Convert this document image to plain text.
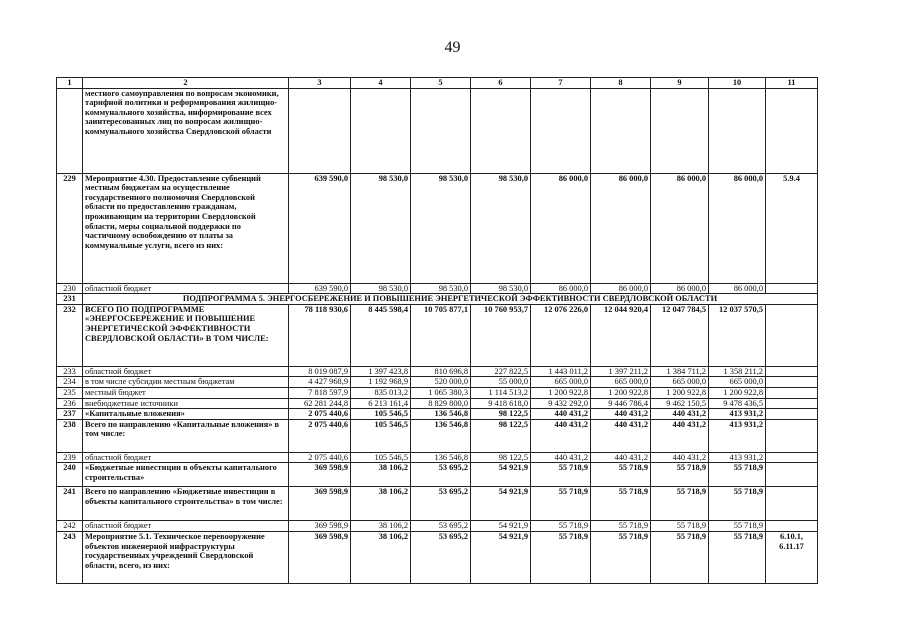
49
1	2	3	4	5	6	7	8	9	10	11
	местного самоуправления по вопросам экономики, тарифной политики и реформирования жилищно-коммунального хозяйства, информирование всех заинтересованных лиц по вопросам жилищно-коммунального хозяйства Свердловской области									
229	Мероприятие 4.30. Предоставление субвенций местным бюджетам на осуществление государственного полномочия Свердловской области по предоставлению гражданам, проживающим на территории Свердловской области, меры социальной поддержки по частичному освобождению от платы за коммунальные услуги, всего из них:	639 590,0	98 530,0	98 530,0	98 530,0	86 000,0	86 000,0	86 000,0	86 000,0	5.9.4
230	областной бюджет	639 590,0	98 530,0	98 530,0	98 530,0	86 000,0	86 000,0	86 000,0	86 000,0	
231	ПОДПРОГРАММА 5. ЭНЕРГОСБЕРЕЖЕНИЕ И ПОВЫШЕНИЕ ЭНЕРГЕТИЧЕСКОЙ ЭФФЕКТИВНОСТИ СВЕРДЛОВСКОЙ ОБЛАСТИ									
232	ВСЕГО ПО ПОДПРОГРАММЕ «ЭНЕРГОСБЕРЕЖЕНИЕ И ПОВЫШЕНИЕ ЭНЕРГЕТИЧЕСКОЙ ЭФФЕКТИВНОСТИ СВЕРДЛОВСКОЙ ОБЛАСТИ» В ТОМ ЧИСЛЕ:	78 118 930,6	8 445 598,4	10 705 877,1	10 760 953,7	12 076 226,0	12 044 920,4	12 047 784,5	12 037 570,5	
233	областной бюджет	8 019 087,9	1 397 423,8	810 696,8	227 822,5	1 443 011,2	1 397 211,2	1 384 711,2	1 358 211,2	
234	в том числе субсидии местным бюджетам	4 427 968,9	1 192 968,9	520 000,0	55 000,0	665 000,0	665 000,0	665 000,0	665 000,0	
235	местный бюджет	7 818 597,9	835 013,2	1 065 380,3	1 114 513,2	1 200 922,8	1 200 922,8	1 200 922,8	1 200 922,8	
236	внебюджетные источники	62 281 244,8	6 213 161,4	8 829 800,0	9 418 618,0	9 432 292,0	9 446 786,4	9 462 150,5	9 478 436,5	
237	«Капитальные вложения»	2 075 440,6	105 546,5	136 546,8	98 122,5	440 431,2	440 431,2	440 431,2	413 931,2	
238	Всего по направлению «Капитальные вложения» в том числе:	2 075 440,6	105 546,5	136 546,8	98 122,5	440 431,2	440 431,2	440 431,2	413 931,2	
239	областной бюджет	2 075 440,6	105 546,5	136 546,8	98 122,5	440 431,2	440 431,2	440 431,2	413 931,2	
240	«Бюджетные инвестиции в объекты капитального строительства»	369 598,9	38 106,2	53 695,2	54 921,9	55 718,9	55 718,9	55 718,9	55 718,9	
241	Всего по направлению «Бюджетные инвестиции в объекты капитального строительства» в том числе:	369 598,9	38 106,2	53 695,2	54 921,9	55 718,9	55 718,9	55 718,9	55 718,9	
242	областной бюджет	369 598,9	38 106,2	53 695,2	54 921,9	55 718,9	55 718,9	55 718,9	55 718,9	
243	Мероприятие 5.1. Техническое перевооружение объектов инженерной инфраструктуры государственных учреждений Свердловской области, всего, из них:	369 598,9	38 106,2	53 695,2	54 921,9	55 718,9	55 718,9	55 718,9	55 718,9	6.10.1, 6.11.17
